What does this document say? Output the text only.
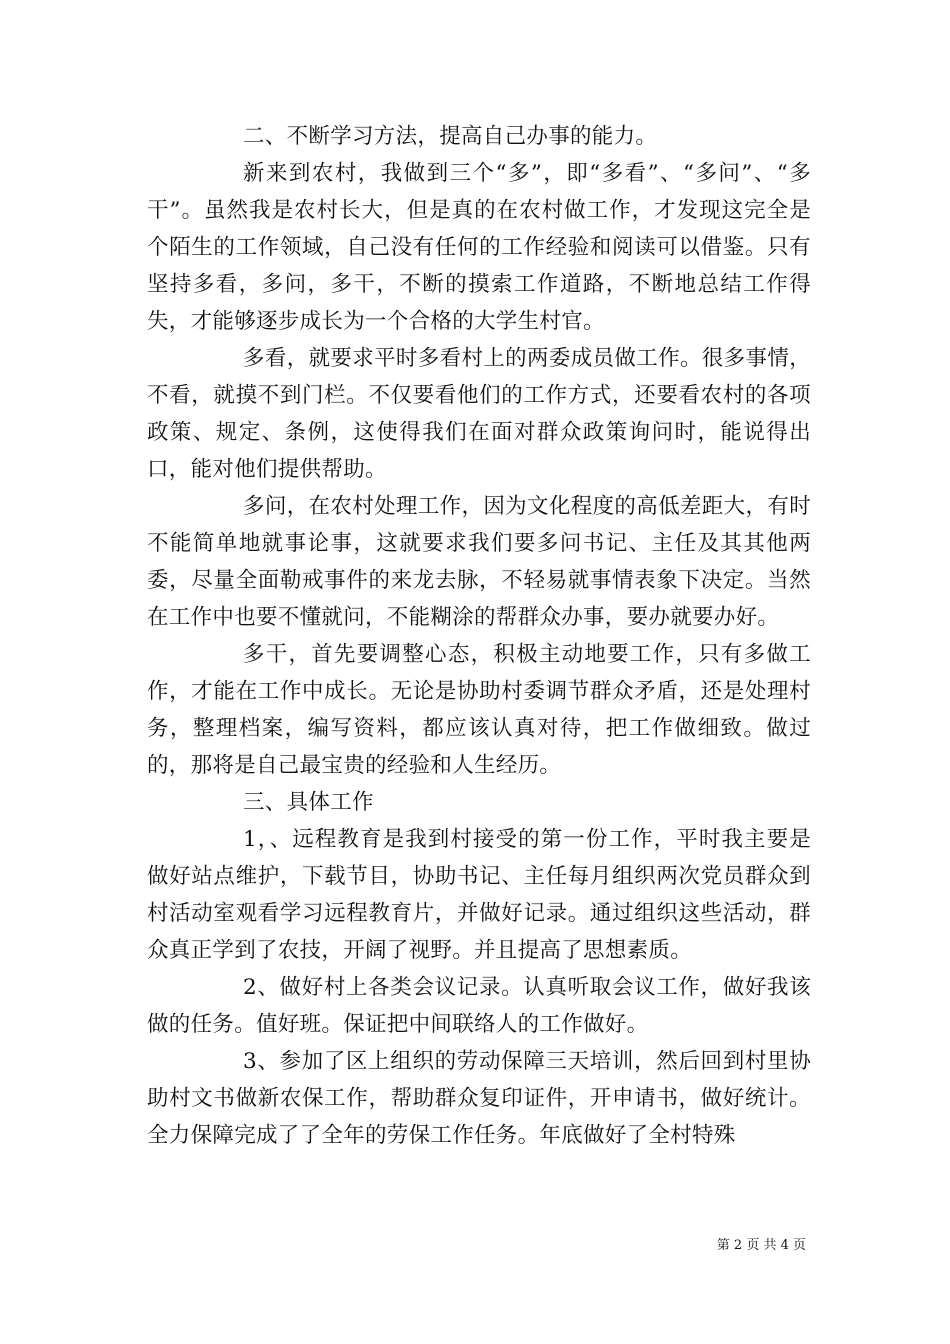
二、不断学习方法，提高自己办事的能力。

新来到农村，我做到三个“多”，即“多看”、“多问”、“多干”。虽然我是农村长大，但是真的在农村做工作，才发现这完全是个陌生的工作领域，自己没有任何的工作经验和阅读可以借鉴。只有坚持多看，多问，多干，不断的摸索工作道路，不断地总结工作得失，才能够逐步成长为一个合格的大学生村官。

多看，就要求平时多看村上的两委成员做工作。很多事情，不看，就摸不到门栏。不仅要看他们的工作方式，还要看农村的各项政策、规定、条例，这使得我们在面对群众政策询问时，能说得出口，能对他们提供帮助。

多问，在农村处理工作，因为文化程度的高低差距大，有时不能简单地就事论事，这就要求我们要多问书记、主任及其其他两委，尽量全面勒戒事件的来龙去脉，不轻易就事情表象下决定。当然在工作中也要不懂就问，不能糊涂的帮群众办事，要办就要办好。

多干，首先要调整心态，积极主动地要工作，只有多做工作，才能在工作中成长。无论是协助村委调节群众矛盾，还是处理村务，整理档案，编写资料，都应该认真对待，把工作做细致。做过的，那将是自己最宝贵的经验和人生经历。

三、具体工作

1，、远程教育是我到村接受的第一份工作，平时我主要是做好站点维护，下载节目，协助书记、主任每月组织两次党员群众到村活动室观看学习远程教育片，并做好记录。通过组织这些活动，群众真正学到了农技，开阔了视野。并且提高了思想素质。

2、做好村上各类会议记录。认真听取会议工作，做好我该做的任务。值好班。保证把中间联络人的工作做好。

3、参加了区上组织的劳动保障三天培训，然后回到村里协助村文书做新农保工作，帮助群众复印证件，开申请书，做好统计。全力保障完成了了全年的劳保工作任务。年底做好了全村特殊

第 2 页 共 4 页
